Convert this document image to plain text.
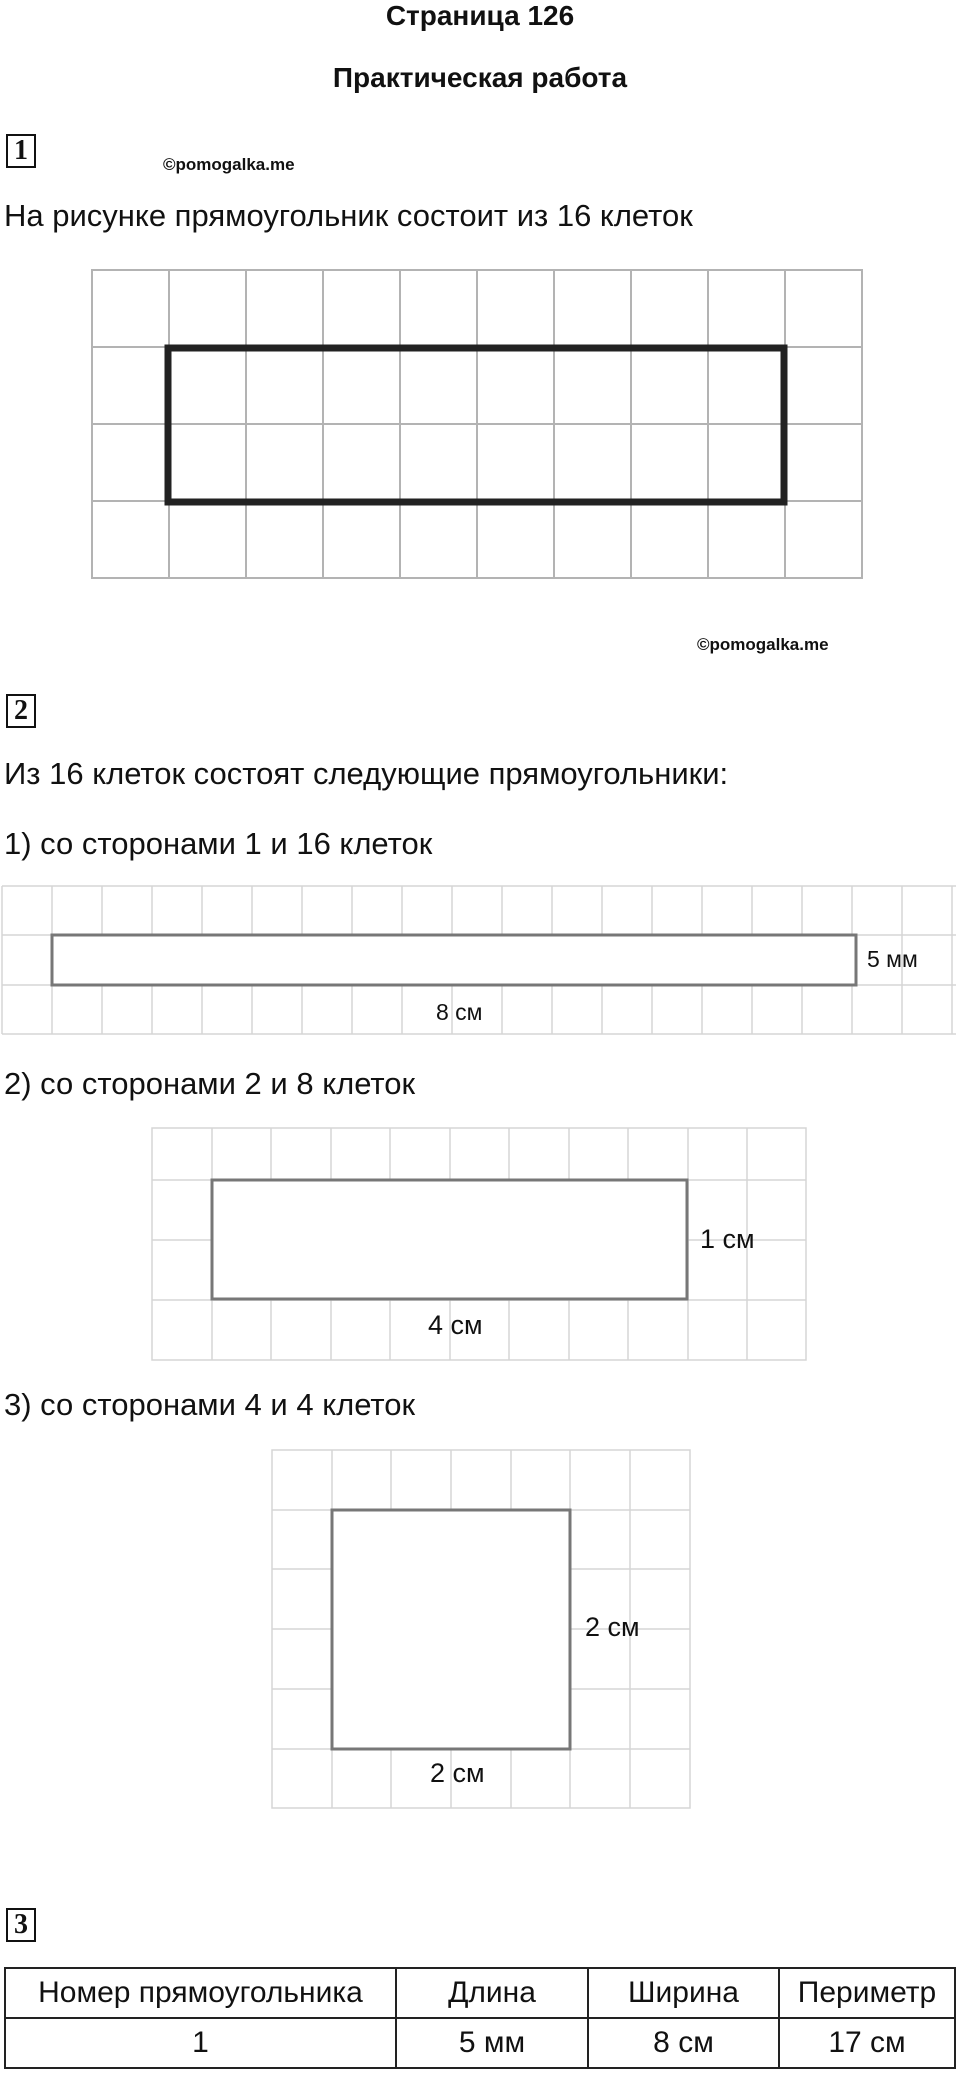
Страница 126
Практическая работа
1	©pomogalka.me
На рисунке прямоугольник состоит из 16 клеток
©pomogalka.me
2
Из 16 клеток состоят следующие прямоугольники:
1) со сторонами 1 и 16 клеток
5 мм
8 см
2) со сторонами 2 и 8 клеток
1 см
4 см
3) со сторонами 4 и 4 клеток
2 см
2 см
3
Номер прямоугольника	Длина	Ширина	Периметр
1	5 мм	8 см	17 см
